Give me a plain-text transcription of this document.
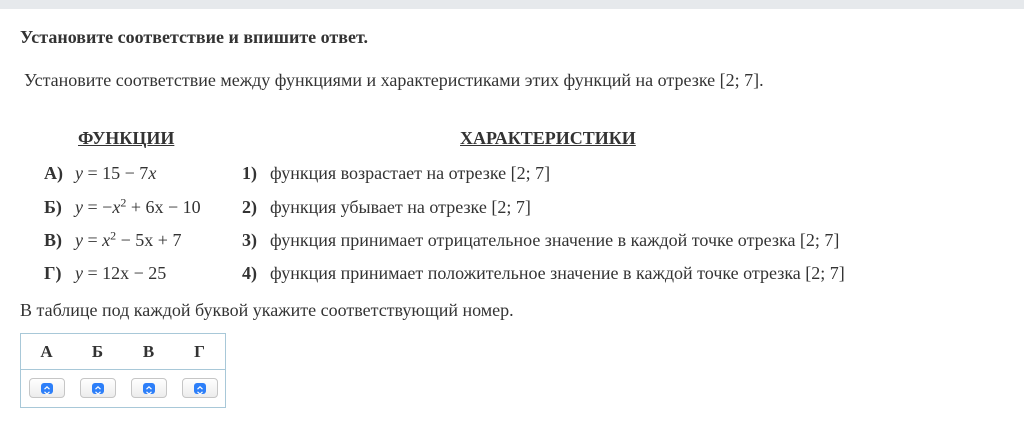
Установите соответствие и впишите ответ.
Установите соответствие между функциями и характеристиками этих функций на отрезке [2; 7].
ФУНКЦИИ	ХАРАКТЕРИСТИКИ
А) y = 15 − 7x	1) функция возрастает на отрезке [2; 7]
Б) $y = -x^2 + 6x - 10$ 2) функция убывает на отрезке [2; 7]
В) $y = x^2 - 5x + 7$	3) функция принимает отрицательное значение в каждой точке отрезка [2; 7]
Г) y = 12x − 25	4) функция принимает положительное значение в каждой точке отрезка [2; 7]
В таблице под каждой буквой укажите соответствующий номер.
А	Б	В	Г
